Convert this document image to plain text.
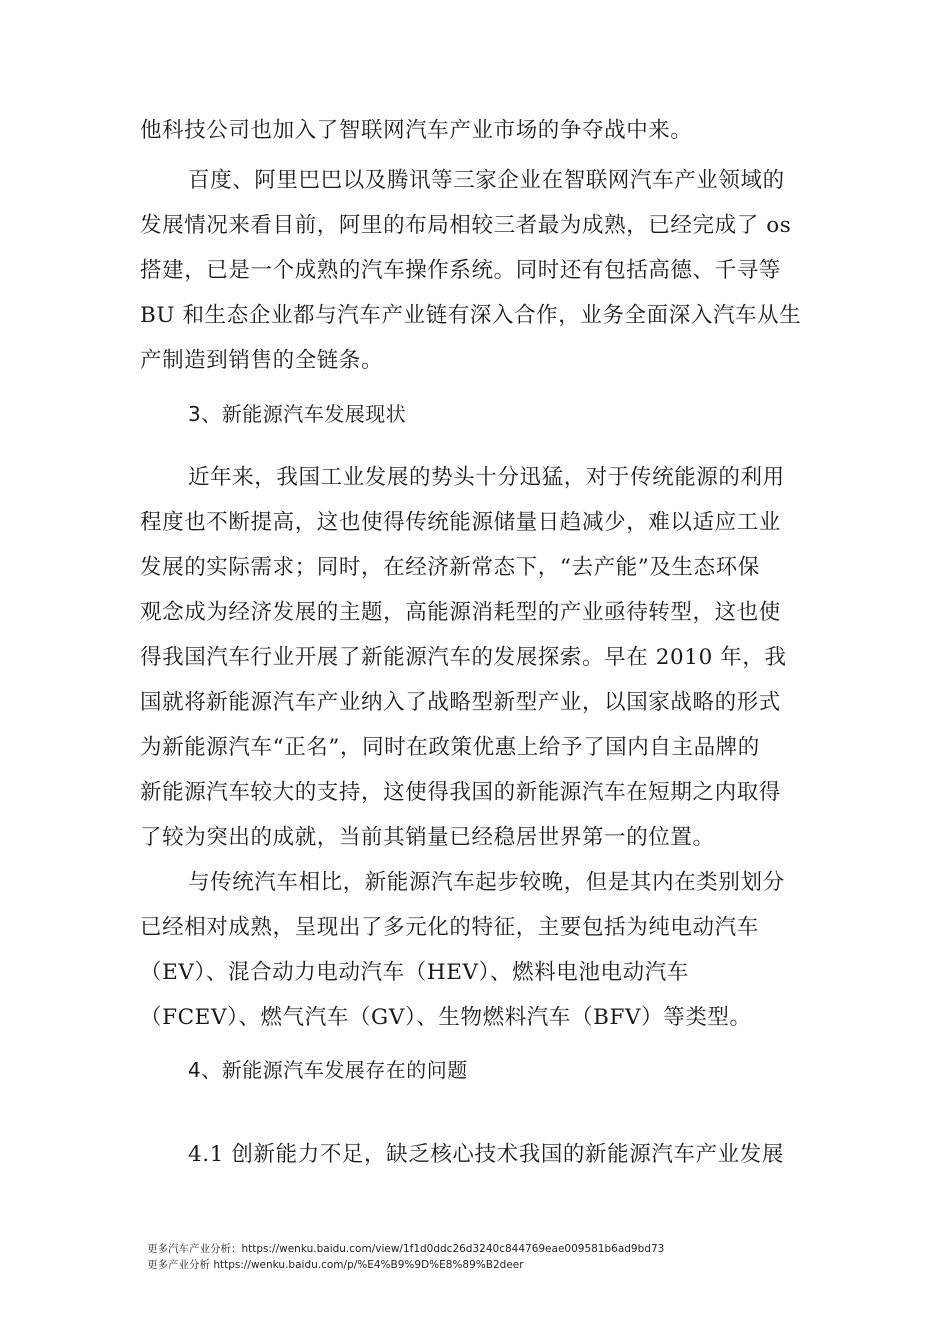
他科技公司也加入了智联网汽车产业市场的争夺战中来。
百度、阿里巴巴以及腾讯等三家企业在智联网汽车产业领域的
发展情况来看目前，阿里的布局相较三者最为成熟，已经完成了 os
搭建，已是一个成熟的汽车操作系统。同时还有包括高德、千寻等
BU 和生态企业都与汽车产业链有深入合作，业务全面深入汽车从生
产制造到销售的全链条。
3、新能源汽车发展现状
近年来，我国工业发展的势头十分迅猛，对于传统能源的利用
程度也不断提高，这也使得传统能源储量日趋减少，难以适应工业
发展的实际需求；同时，在经济新常态下，“去产能”及生态环保
观念成为经济发展的主题，高能源消耗型的产业亟待转型，这也使
得我国汽车行业开展了新能源汽车的发展探索。早在 2010 年，我
国就将新能源汽车产业纳入了战略型新型产业，以国家战略的形式
为新能源汽车“正名”，同时在政策优惠上给予了国内自主品牌的
新能源汽车较大的支持，这使得我国的新能源汽车在短期之内取得
了较为突出的成就，当前其销量已经稳居世界第一的位置。
与传统汽车相比，新能源汽车起步较晚，但是其内在类别划分
已经相对成熟，呈现出了多元化的特征，主要包括为纯电动汽车
（EV）、混合动力电动汽车（HEV）、燃料电池电动汽车
（FCEV）、燃气汽车（GV）、生物燃料汽车（BFV）等类型。
4、新能源汽车发展存在的问题
4.1 创新能力不足，缺乏核心技术我国的新能源汽车产业发展
更多汽车产业分析：https://wenku.baidu.com/view/1f1d0ddc26d3240c844769eae009581b6ad9bd73
更多产业分析 https://wenku.baidu.com/p/%E4%B9%9D%E8%89%B2deer
